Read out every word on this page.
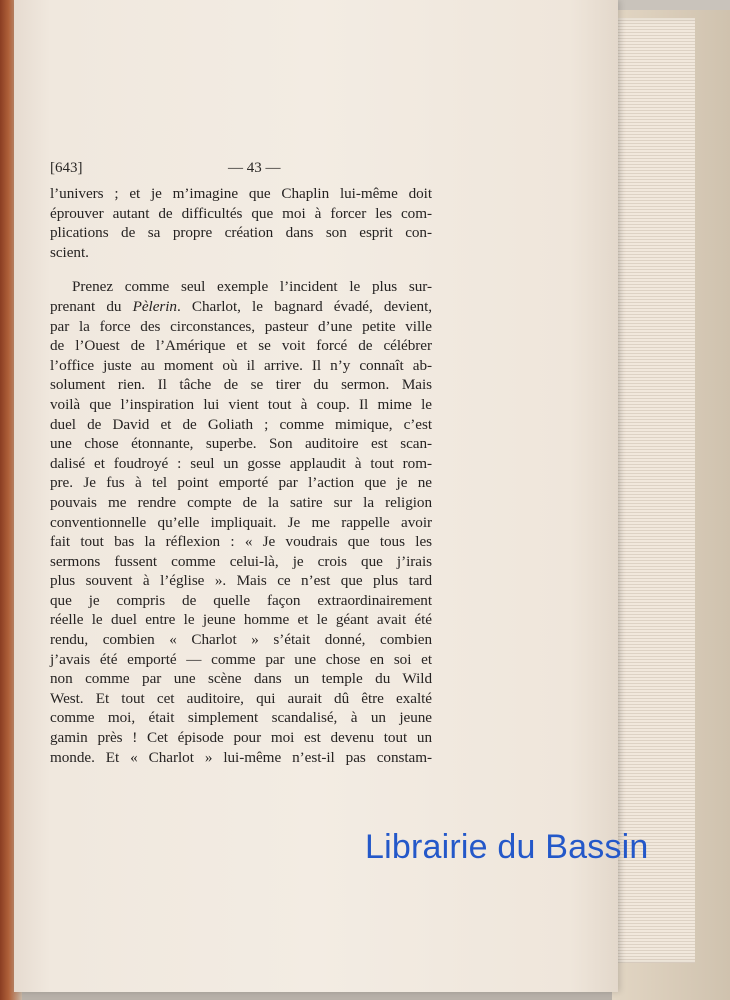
[643]	— 43 —
l’univers ; et je m’imagine que Chaplin lui-même doit
éprouver autant de difficultés que moi à forcer les com-
plications de sa propre création dans son esprit con-
scient.
Prenez comme seul exemple l’incident le plus sur-
prenant du Pèlerin. Charlot, le bagnard évadé, devient,
par la force des circonstances, pasteur d’une petite ville
de l’Ouest de l’Amérique et se voit forcé de célébrer
l’office juste au moment où il arrive. Il n’y connaît ab-
solument rien. Il tâche de se tirer du sermon. Mais
voilà que l’inspiration lui vient tout à coup. Il mime le
duel de David et de Goliath ; comme mimique, c’est
une chose étonnante, superbe. Son auditoire est scan-
dalisé et foudroyé : seul un gosse applaudit à tout rom-
pre. Je fus à tel point emporté par l’action que je ne
pouvais me rendre compte de la satire sur la religion
conventionnelle qu’elle impliquait. Je me rappelle avoir
fait tout bas la réflexion : « Je voudrais que tous les
sermons fussent comme celui-là, je crois que j’irais
plus souvent à l’église ». Mais ce n’est que plus tard
que je compris de quelle façon extraordinairement
réelle le duel entre le jeune homme et le géant avait été
rendu, combien « Charlot » s’était donné, combien
j’avais été emporté — comme par une chose en soi et
non comme par une scène dans un temple du Wild
West. Et tout cet auditoire, qui aurait dû être exalté
comme moi, était simplement scandalisé, à un jeune
gamin près ! Cet épisode pour moi est devenu tout un
monde. Et « Charlot » lui-même n’est-il pas constam-
Librairie du Bassin
